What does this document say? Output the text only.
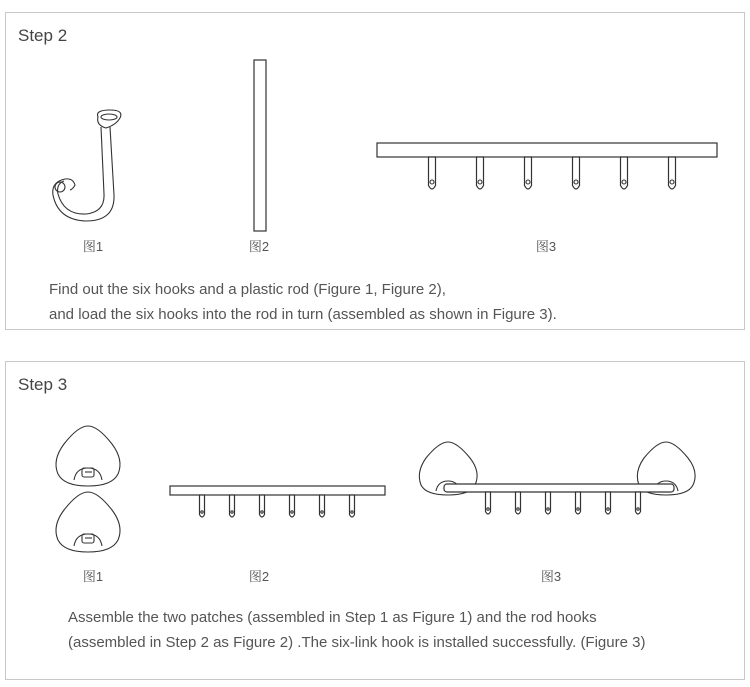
Step 2
图1	图2	图3
Find out the six hooks and a plastic rod (Figure 1, Figure 2),
and load the six hooks into the rod in turn (assembled as shown in Figure 3).
Step 3
图1	图2	图3
Assemble the two patches (assembled in Step 1 as Figure 1) and the rod hooks
(assembled in Step 2 as Figure 2) .The six-link hook is installed successfully. (Figure 3)
